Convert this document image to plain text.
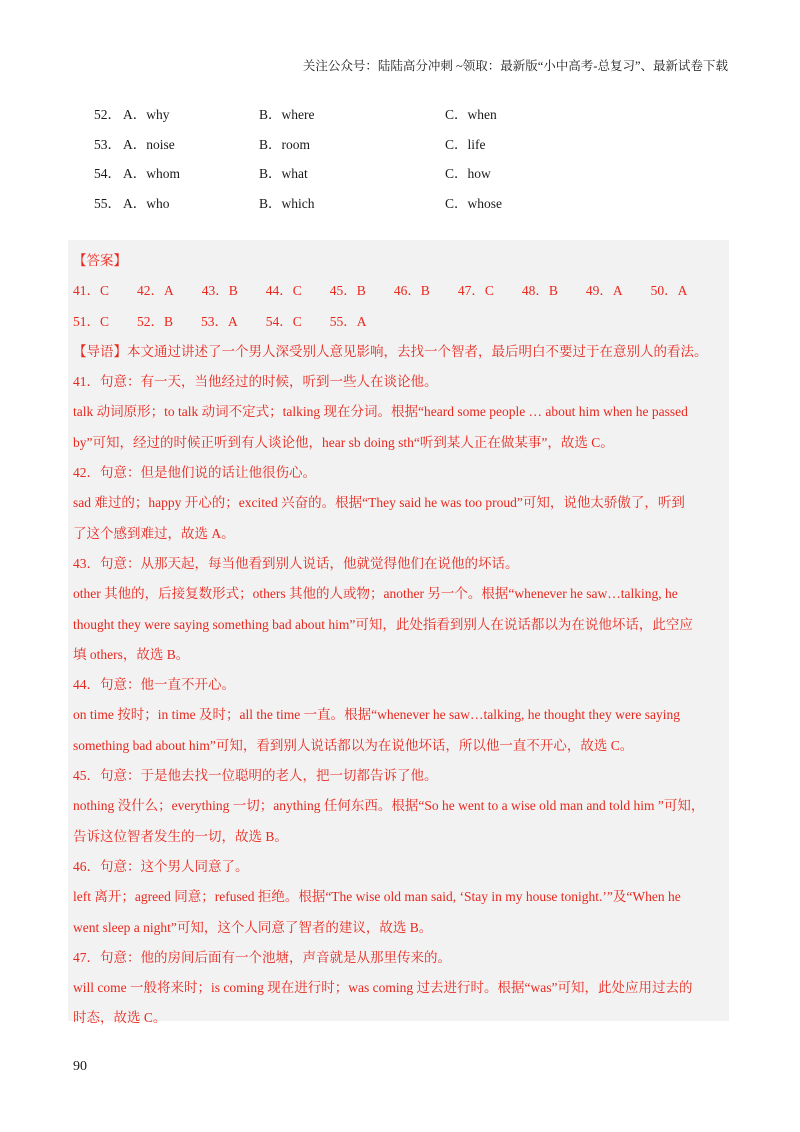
关注公众号：陆陆高分冲刺 ~领取：最新版“小中高考-总复习”、最新试卷下载
52． A．why	B．where	C．when
53． A．noise	B．room	C．life
54． A．whom	B．what	C．how
55． A．who	B．which	C．whose
【答案】
41．C 42．A 43．B 44．C 45．B 46．B 47．C 48．B 49．A 50．A
51．C 52．B 53．A 54．C 55．A
【导语】本文通过讲述了一个男人深受别人意见影响，去找一个智者，最后明白不要过于在意别人的看法。
41．句意：有一天，当他经过的时候，听到一些人在谈论他。
talk 动词原形；to talk 动词不定式；talking 现在分词。根据“heard some people … about him when he passed
by”可知，经过的时候正听到有人谈论他，hear sb doing sth“听到某人正在做某事”，故选 C。
42．句意：但是他们说的话让他很伤心。
sad 难过的；happy 开心的；excited 兴奋的。根据“They said he was too proud”可知，说他太骄傲了，听到
了这个感到难过，故选 A。
43．句意：从那天起，每当他看到别人说话，他就觉得他们在说他的坏话。
other 其他的，后接复数形式；others 其他的人或物；another 另一个。根据“whenever he saw…talking, he
thought they were saying something bad about him”可知，此处指看到别人在说话都以为在说他坏话，此空应
填 others，故选 B。
44．句意：他一直不开心。
on time 按时；in time 及时；all the time 一直。根据“whenever he saw…talking, he thought they were saying
something bad about him”可知，看到别人说话都以为在说他坏话，所以他一直不开心，故选 C。
45．句意：于是他去找一位聪明的老人，把一切都告诉了他。
nothing 没什么；everything 一切；anything 任何东西。根据“So he went to a wise old man and told him ”可知，
告诉这位智者发生的一切，故选 B。
46．句意：这个男人同意了。
left 离开；agreed 同意；refused 拒绝。根据“The wise old man said, ‘Stay in my house tonight.’”及“When he
went sleep a night”可知，这个人同意了智者的建议，故选 B。
47．句意：他的房间后面有一个池塘，声音就是从那里传来的。
will come 一般将来时；is coming 现在进行时；was coming 过去进行时。根据“was”可知，此处应用过去的
时态，故选 C。
90
